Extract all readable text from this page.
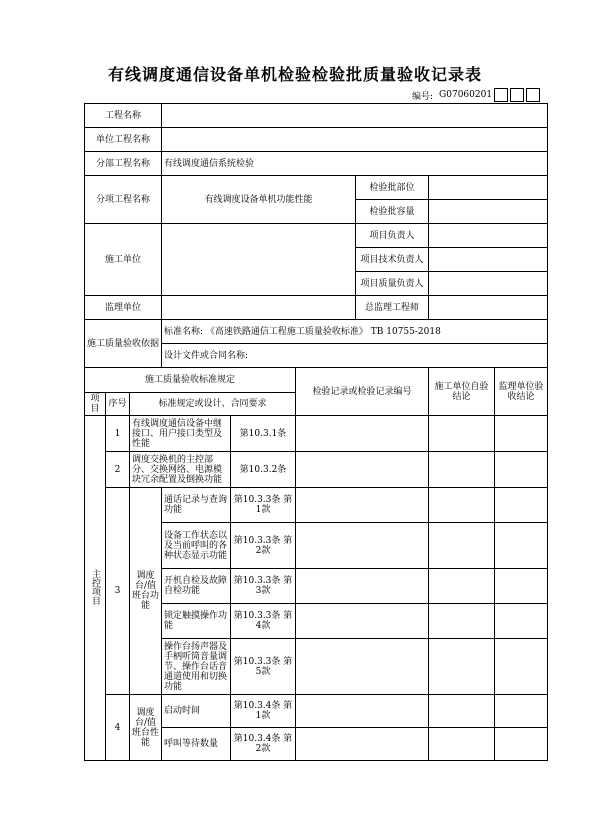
有线调度通信设备单机检验检验批质量验收记录表
编号: G07060201
工程名称								
单位工程名称								
分部工程名称			有线调度通信系统检验					
分项工程名称			有线调度设备单机功能性能			检验批部位		
						检验批容量		
施工单位						项目负责人		
						项目技术负责人		
						项目质量负责人		
监理单位						总监理工程师		
施工质量验收依据			标准名称: 《高速铁路通信工程施工质量验收标准》 TB 10755-2018					
			设计文件或合同名称:					
施工质量验收标准规定					检验记录或检验记录编号		施工单位自验结论	监理单位验收结论
项目	序号	标准规定或设计、合同要求						
主控项目	1	有线调度通信设备中继接口、用户接口类型及性能		第10.3.1条				
	2	调度交换机的主控部分、交换网络、电源模块冗余配置及倒换功能		第10.3.2条				
	3	调度台/值班台功能	通话记录与查询功能	第10.3.3条 第1款				
			设备工作状态以及当前呼叫的各种状态显示功能	第10.3.3条 第2款				
			开机自检及故障自检功能	第10.3.3条 第3款				
			锁定触摸操作功能	第10.3.3条 第4款				
			操作台扬声器及手柄听筒音量调节、操作台话音通道使用和切换功能	第10.3.3条 第5款				
	4	调度台/值班台性能	启动时间	第10.3.4条 第1款				
			呼叫等待数量	第10.3.4条 第2款				
